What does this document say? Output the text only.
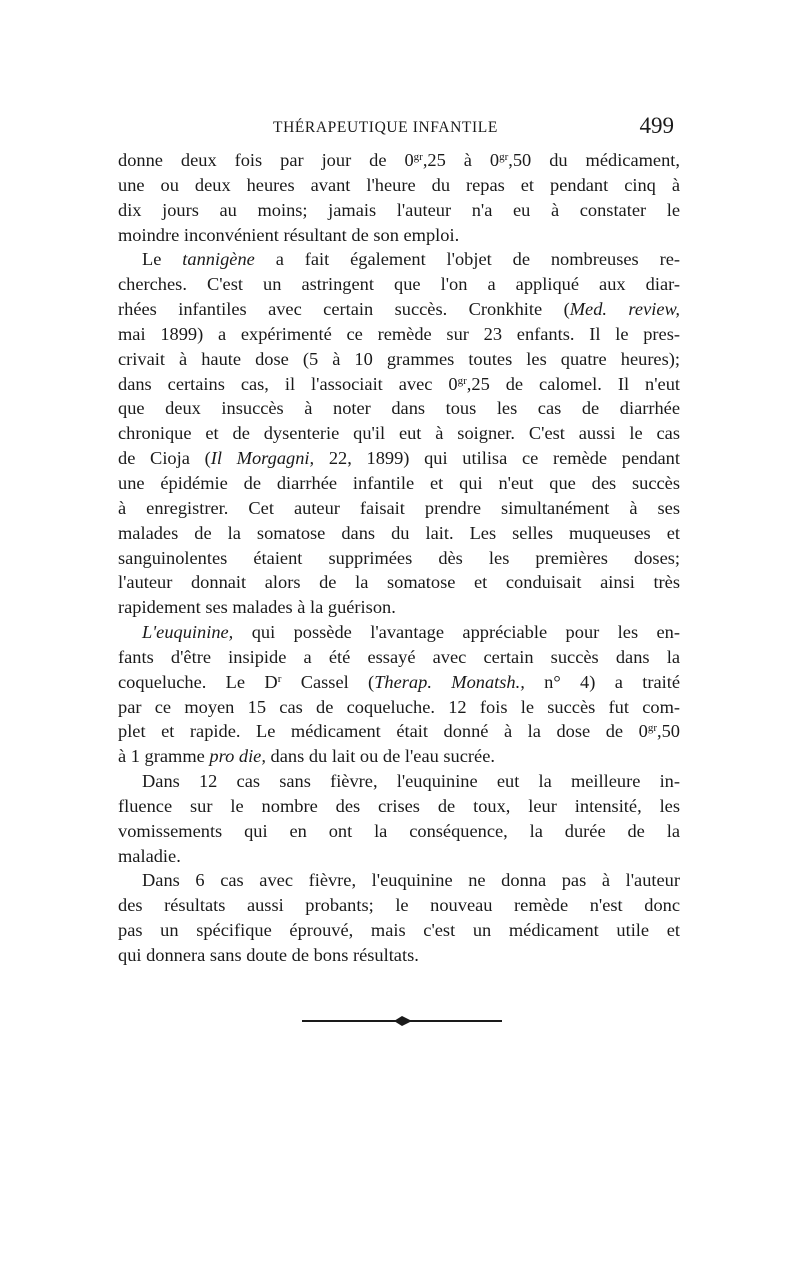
THÉRAPEUTIQUE INFANTILE	499

donne deux fois par jour de $0^{gr},25$ à $0^{gr},50$ du médicament,

une ou deux heures avant l'heure du repas et pendant cinq à

dix jours au moins; jamais l'auteur n'a eu à constater le

moindre inconvénient résultant de son emploi.

Le tannigène a fait également l'objet de nombreuses re-

cherches. C'est un astringent que l'on a appliqué aux diar-

rhées infantiles avec certain succès. Cronkhite (Med. review,

mai 1899) a expérimenté ce remède sur 23 enfants. Il le pres-

crivait à haute dose (5 à 10 grammes toutes les quatre heures);

dans certains cas, il l'associait avec $0^{gr},25$ de calomel. Il n'eut

que deux insuccès à noter dans tous les cas de diarrhée

chronique et de dysenterie qu'il eut à soigner. C'est aussi le cas

de Cioja (Il Morgagni, 22, 1899) qui utilisa ce remède pendant

une épidémie de diarrhée infantile et qui n'eut que des succès

à enregistrer. Cet auteur faisait prendre simultanément à ses

malades de la somatose dans du lait. Les selles muqueuses et

sanguinolentes étaient supprimées dès les premières doses;

l'auteur donnait alors de la somatose et conduisait ainsi très

rapidement ses malades à la guérison.

L'euquinine, qui possède l'avantage appréciable pour les en-

fants d'être insipide a été essayé avec certain succès dans la

coqueluche. Le $D^r$ Cassel (Therap. Monatsh., n° 4) a traité

par ce moyen 15 cas de coqueluche. 12 fois le succès fut com-

plet et rapide. Le médicament était donné à la dose de $0^{gr},50$

à 1 gramme pro die, dans du lait ou de l'eau sucrée.

Dans 12 cas sans fièvre, l'euquinine eut la meilleure in-

fluence sur le nombre des crises de toux, leur intensité, les

vomissements qui en ont la conséquence, la durée de la

maladie.

Dans 6 cas avec fièvre, l'euquinine ne donna pas à l'auteur

des résultats aussi probants; le nouveau remède n'est donc

pas un spécifique éprouvé, mais c'est un médicament utile et

qui donnera sans doute de bons résultats.
